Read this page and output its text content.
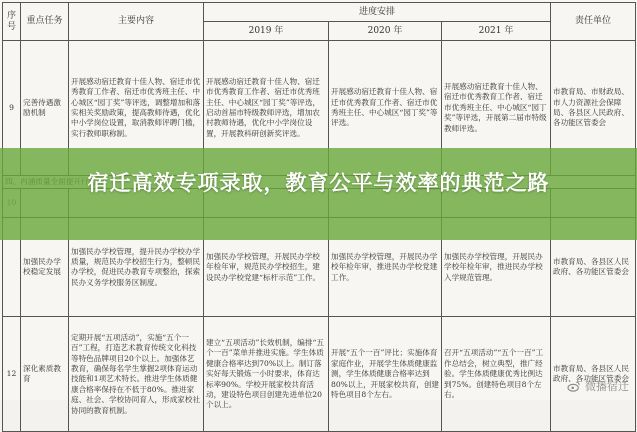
序号	重点任务	主要内容	进度安排			责任单位
			2019 年	2020 年	2021 年	
9	完善待遇激励机制	开展感动宿迁教育十佳人物、宿迁市优秀教育工作者、宿迁市优秀班主任、中心城区“园丁奖”等评选，调整增加和落实相关奖励政策，提高教师待遇，优化中小学岗位设置，取消教师评聘门槛，实行教师职称制。	开展感动宿迁教育十佳人物、宿迁市优秀教育工作者、宿迁市优秀班主任、中心城区“园丁奖”等评选，启动首届市特级教师评选，增加农村教师待遇，优化中小学岗位设置，开展教科研创新奖评选。	开展感动宿迁教育十佳人物、宿迁市优秀教育工作者、宿迁市优秀班主任、中心城区“园丁奖”等评选。	开展感动宿迁教育十佳人物、宿迁市优秀教育工作者、宿迁市优秀班主任、中心城区“园丁奖”等评选，开展第二届市特级教师评选。	市教育局、市财政局、市人力资源社会保障局、各县区人民政府、各功能区管委会

	加强民办学校稳定发展	加强民办学校管理，提升民办学校办学质量，规范民办学校招生行为，整顿民办学校，促进民办教育专项整治，探索民办义务学校服务区制度。	加强民办学校管理，开展民办学校年检年审，规范民办学校招生，建设民办学校党建“标杆示范”工作。	加强民办学校管理，开展民办学校年检年审，推进民办学校党建工作。	加强民办学校管理，开展民办学校年检年审，推进民办学校入学规范管理。	市教育局、各县区人民政府、各功能区管委会
12	深化素质教育	定期开展“五项活动”，实施“五个一百”工程，打造艺术教育传统文化科技等特色品牌项目20个以上。加强体艺教育，确保每名学生掌握2项体育运动技能和1项艺术特长。推进学生体质健康合格率保持在不低于80%。推进家庭、社会、学校协同育人，形成家校社协同的教育机制。	建立“五项活动”长效机制，编排“五个一百”菜单并推进实施。学生体质健康合格率达到70%以上。制订落实好每天锻炼一小时要求，体育达标率90%。学校开展家校共育活动，建设特色项目创建先进单位20个以上。	开展“五个一百”评比；实施体育家庭作业，开展学生体质健康监测，学生体质健康合格率达到80%以上，开展家校共育，创建特色项目8个左右。	召开“五项活动”“五个一百”工作总结会，树立典型，推广经验。学生体质健康优秀比例达到75%。创建特色项目8个左右。	市教育局、各县区人民政府、各功能区管委会
宿迁高效专项录取，教育公平与效率的典范之路
微播宿迁
